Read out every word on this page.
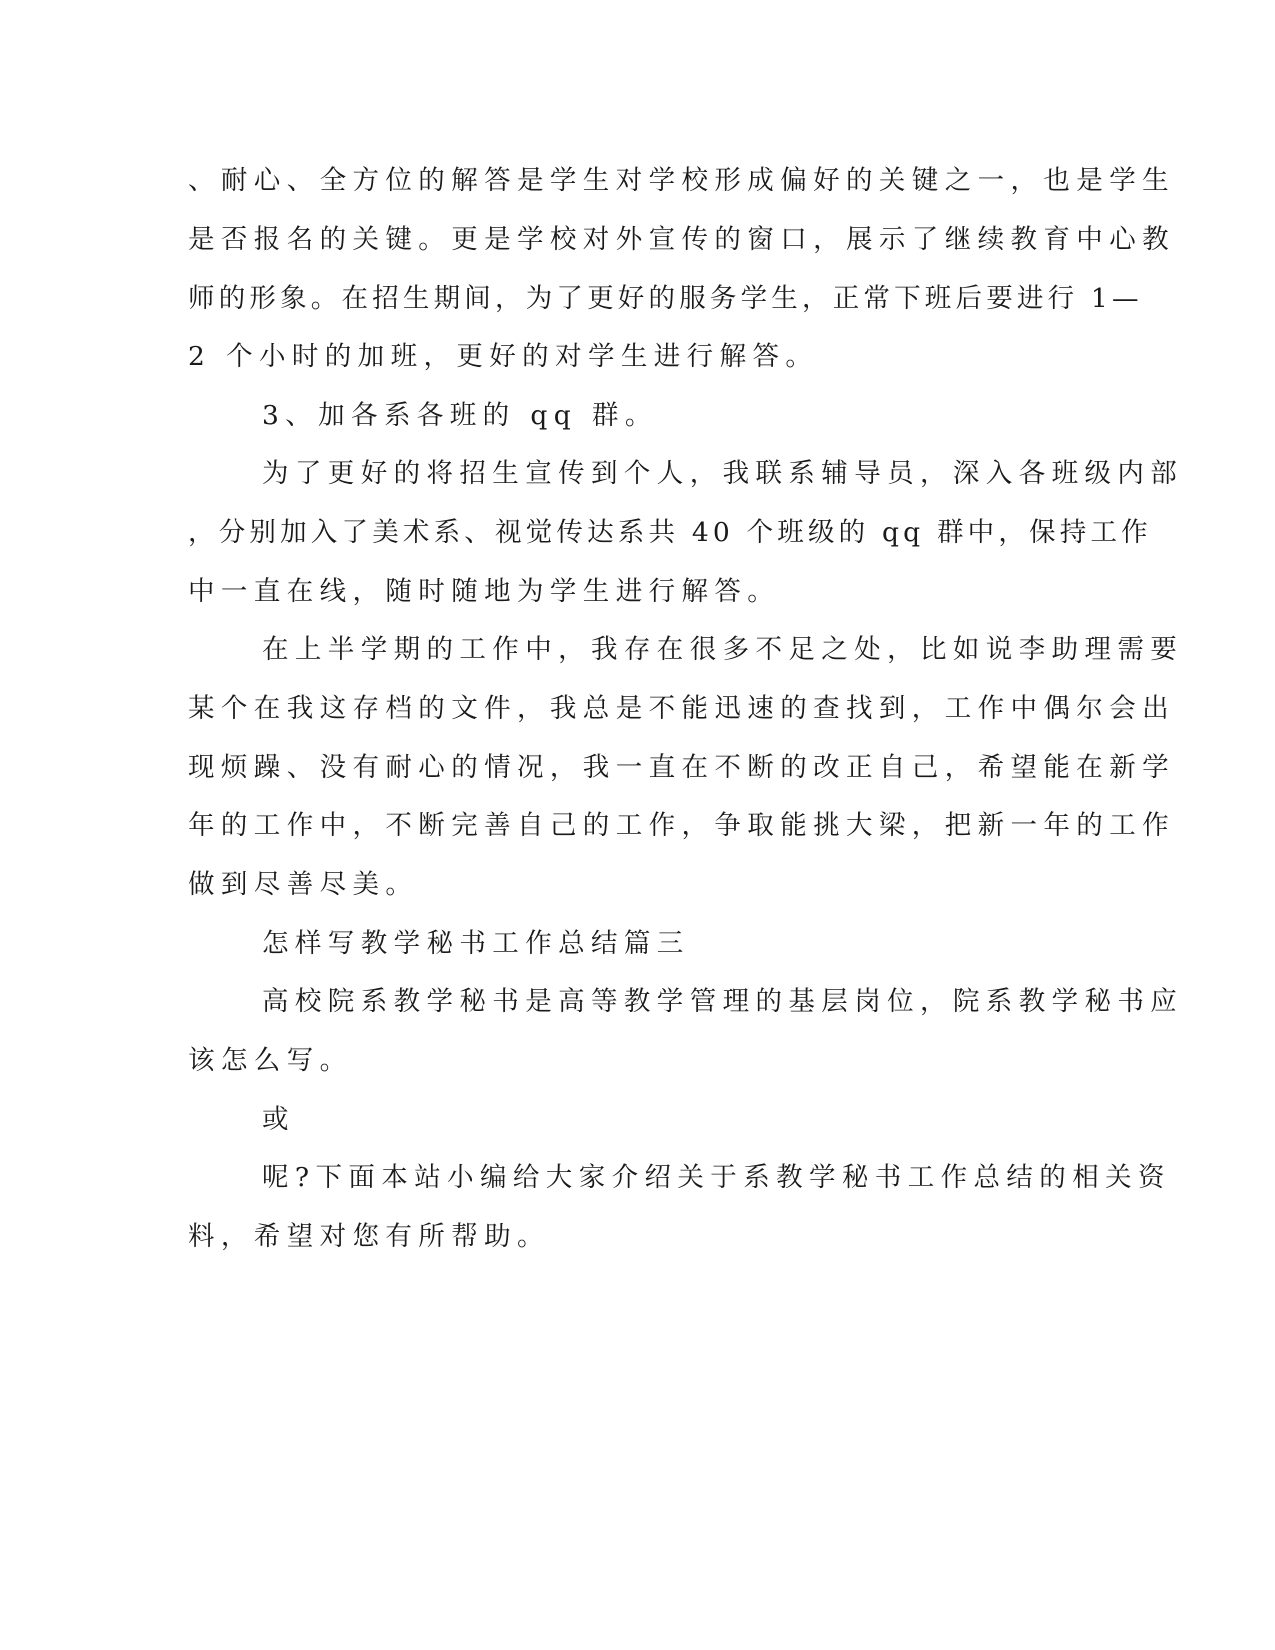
、耐心、全方位的解答是学生对学校形成偏好的关键之一，也是学生
是否报名的关键。更是学校对外宣传的窗口，展示了继续教育中心教
师的形象。在招生期间，为了更好的服务学生，正常下班后要进行 1—
2 个小时的加班，更好的对学生进行解答。
3、加各系各班的 qq 群。
为了更好的将招生宣传到个人，我联系辅导员，深入各班级内部
，分别加入了美术系、视觉传达系共 40 个班级的 qq 群中，保持工作
中一直在线，随时随地为学生进行解答。
在上半学期的工作中，我存在很多不足之处，比如说李助理需要
某个在我这存档的文件，我总是不能迅速的查找到，工作中偶尔会出
现烦躁、没有耐心的情况，我一直在不断的改正自己，希望能在新学
年的工作中，不断完善自己的工作，争取能挑大梁，把新一年的工作
做到尽善尽美。
怎样写教学秘书工作总结篇三
高校院系教学秘书是高等教学管理的基层岗位，院系教学秘书应
该怎么写。
或
呢?下面本站小编给大家介绍关于系教学秘书工作总结的相关资
料，希望对您有所帮助。
